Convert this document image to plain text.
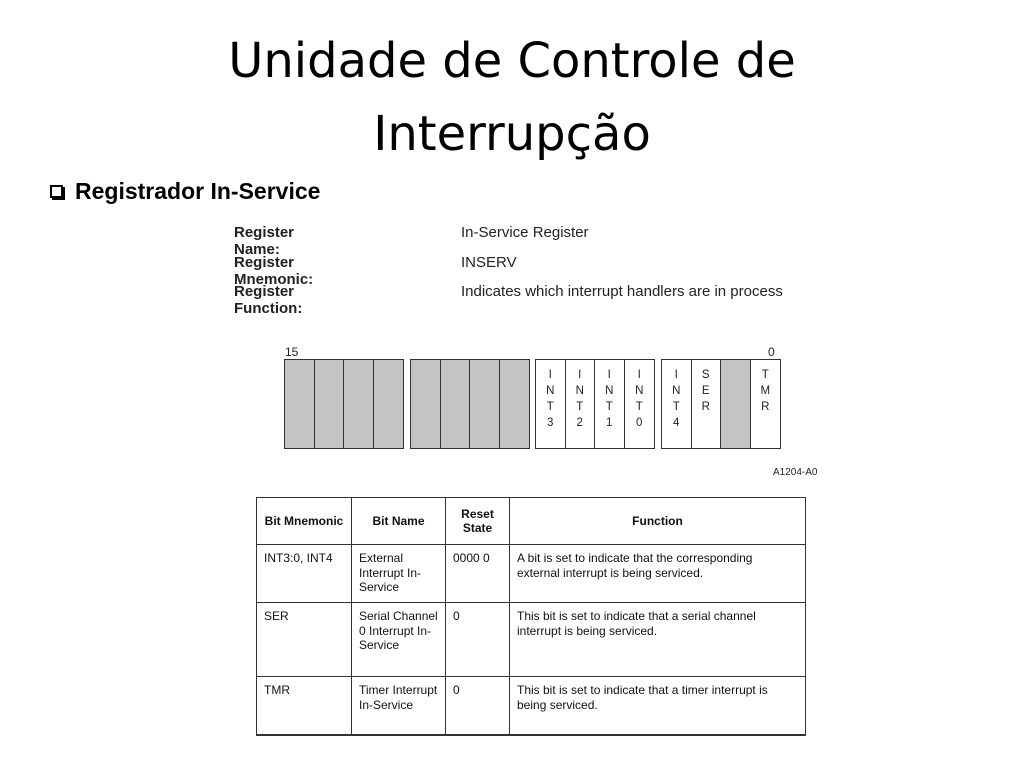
Unidade de Controle de
Interrupção
Registrador In-Service
Register Name:
In-Service Register
Register Mnemonic:
INSERV
Register Function:
Indicates which interrupt handlers are in process
15	0
I
N
T
3
I
N
T
2
I
N
T
1
I
N
T
0
I
N
T
4
S
E
R
T
M
R
A1204-A0
Bit Mnemonic	Bit Name	Reset State	Function
INT3:0, INT4	External Interrupt In-Service	0000 0	A bit is set to indicate that the corresponding external interrupt is being serviced.
SER	Serial Channel 0 Interrupt In-Service	0	This bit is set to indicate that a serial channel interrupt is being serviced.
TMR	Timer Interrupt In-Service	0	This bit is set to indicate that a timer interrupt is being serviced.
